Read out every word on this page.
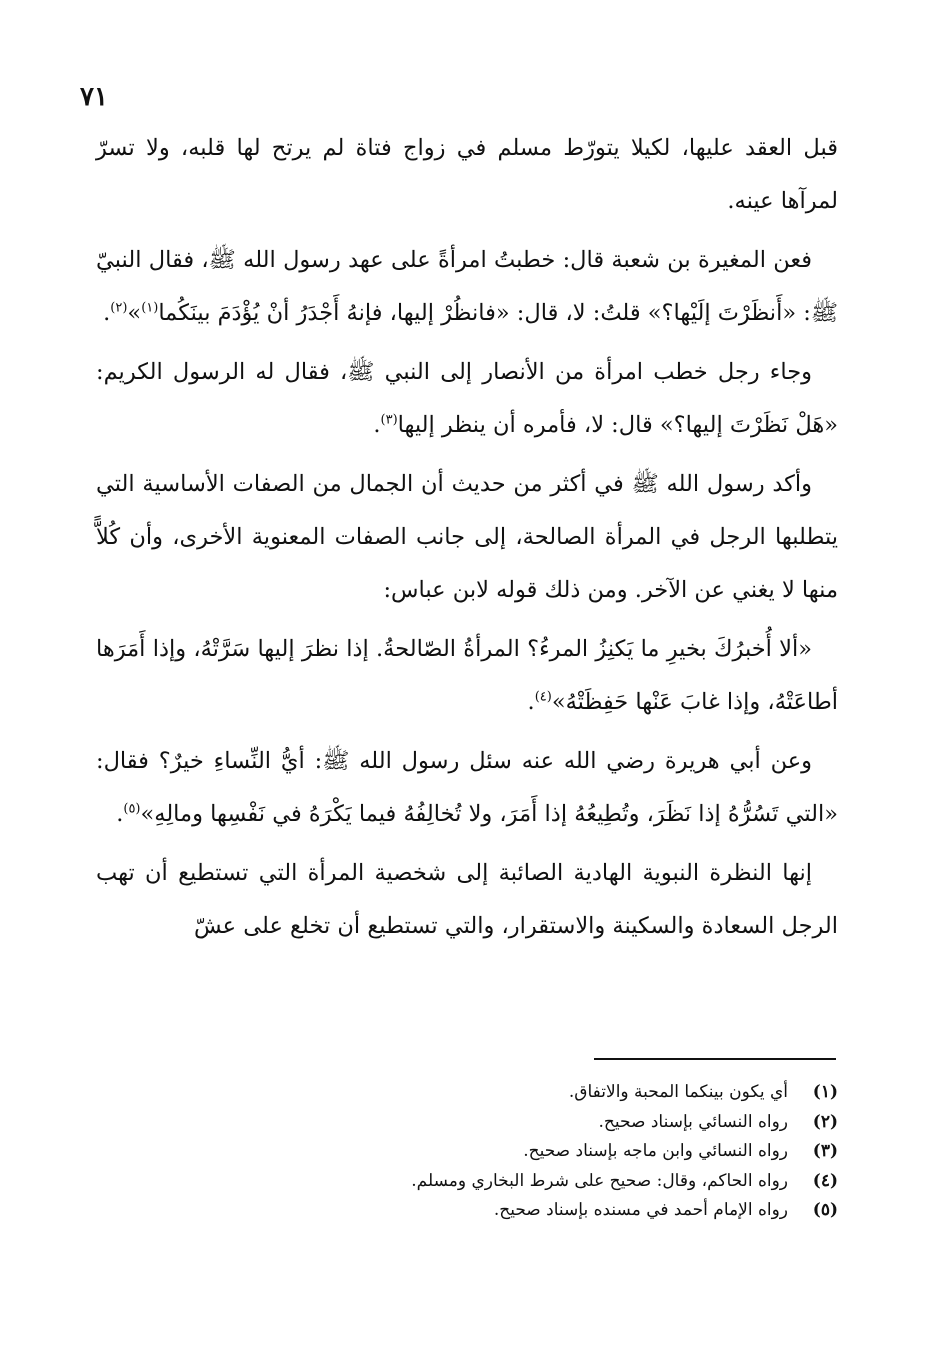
٧١

قبل العقد عليها، لكيلا يتورّط مسلم في زواج فتاة لم يرتح لها قلبه، ولا تسرّ لمرآها عينه.

فعن المغيرة بن شعبة قال: خطبتُ امرأةً على عهد رسول الله ﷺ، فقال النبيّ ﷺ: «أَنظَرْتَ إلَيْها؟» قلتُ: لا، قال: «فانظُرْ إليها، فإنهُ أَجْدَرُ أنْ يُؤْدَمَ بينَكُما$^{(١)}$»$^{(٢)}$.

وجاء رجل خطب امرأة من الأنصار إلى النبي ﷺ، فقال له الرسول الكريم: «هَلْ نَظَرْتَ إليها؟» قال: لا، فأمره أن ينظر إليها$^{(٣)}$.

وأكد رسول الله ﷺ في أكثر من حديث أن الجمال من الصفات الأساسية التي يتطلبها الرجل في المرأة الصالحة، إلى جانب الصفات المعنوية الأخرى، وأن كُلاًّ منها لا يغني عن الآخر. ومن ذلك قوله لابن عباس:

«ألا أُخبرُكَ بخيرِ ما يَكنِزُ المرءُ؟ المرأةُ الصّالحةُ. إذا نظرَ إليها سَرَّتْهُ، وإذا أَمَرَها أطاعَتْهُ، وإذا غابَ عَنْها حَفِظَتْهُ»$^{(٤)}$.

وعن أبي هريرة رضي الله عنه سئل رسول الله ﷺ: أيُّ النِّساءِ خيرٌ؟ فقال: «التي تَسُرُّهُ إذا نَظَرَ، وتُطِيعُهُ إذا أَمَرَ، ولا تُخالِفُهُ فيما يَكْرَهُ في نَفْسِها ومالِهِ»$^{(٥)}$.

إنها النظرة النبوية الهادية الصائبة إلى شخصية المرأة التي تستطيع أن تهب الرجل السعادة والسكينة والاستقرار، والتي تستطيع أن تخلع على عشّ

(١)
أي يكون بينكما المحبة والاتفاق.
(٢)
رواه النسائي بإسناد صحيح.
(٣)
رواه النسائي وابن ماجه بإسناد صحيح.
(٤)
رواه الحاكم، وقال: صحيح على شرط البخاري ومسلم.
(٥)
رواه الإمام أحمد في مسنده بإسناد صحيح.
